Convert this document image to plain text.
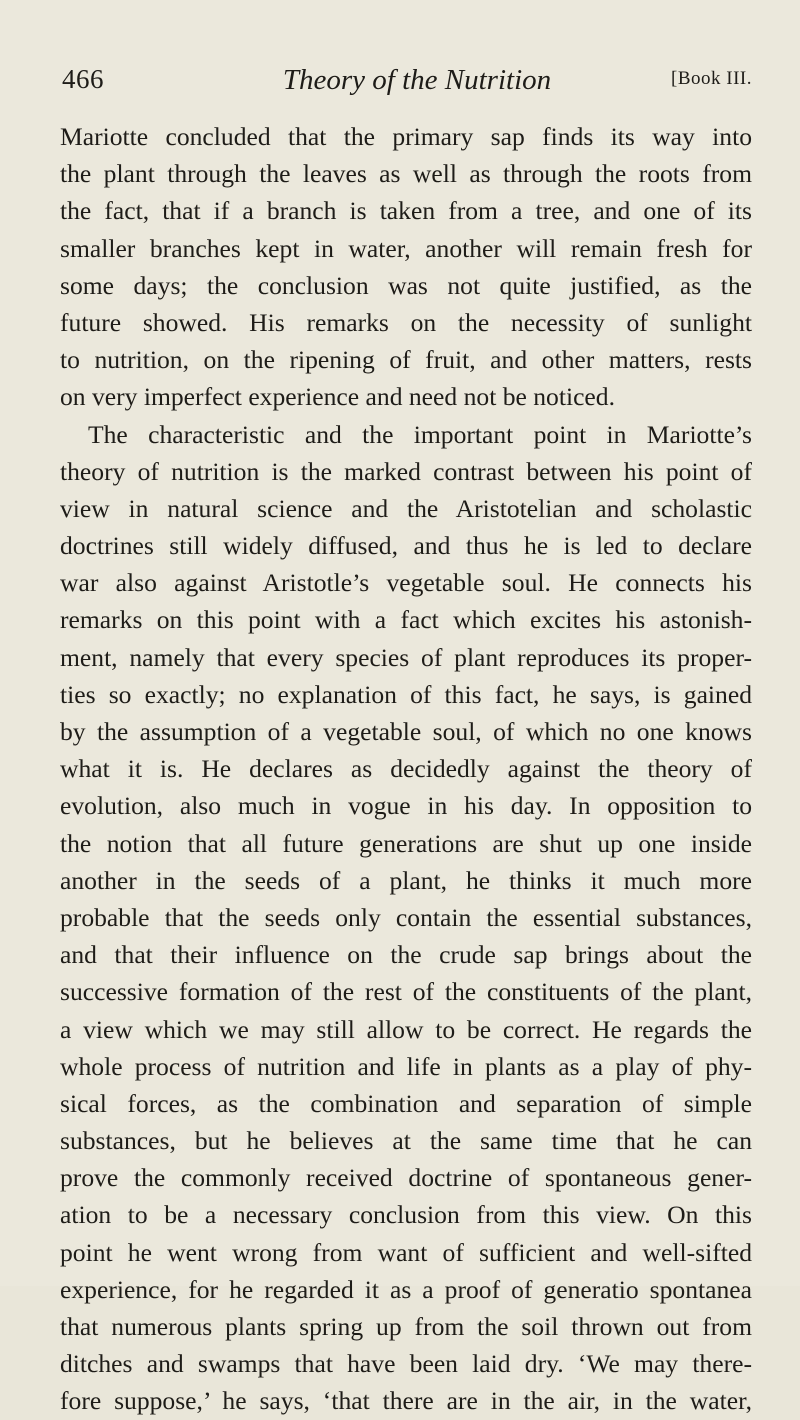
466	Theory of the Nutrition	[Book III.
Mariotte concluded that the primary sap finds its way into
the plant through the leaves as well as through the roots from
the fact, that if a branch is taken from a tree, and one of its
smaller branches kept in water, another will remain fresh for
some days; the conclusion was not quite justified, as the
future showed. His remarks on the necessity of sunlight
to nutrition, on the ripening of fruit, and other matters, rests
on very imperfect experience and need not be noticed.
The characteristic and the important point in Mariotte’s
theory of nutrition is the marked contrast between his point of
view in natural science and the Aristotelian and scholastic
doctrines still widely diffused, and thus he is led to declare
war also against Aristotle’s vegetable soul. He connects his
remarks on this point with a fact which excites his astonish-
ment, namely that every species of plant reproduces its proper-
ties so exactly; no explanation of this fact, he says, is gained
by the assumption of a vegetable soul, of which no one knows
what it is. He declares as decidedly against the theory of
evolution, also much in vogue in his day. In opposition to
the notion that all future generations are shut up one inside
another in the seeds of a plant, he thinks it much more
probable that the seeds only contain the essential substances,
and that their influence on the crude sap brings about the
successive formation of the rest of the constituents of the plant,
a view which we may still allow to be correct. He regards the
whole process of nutrition and life in plants as a play of phy-
sical forces, as the combination and separation of simple
substances, but he believes at the same time that he can
prove the commonly received doctrine of spontaneous gener-
ation to be a necessary conclusion from this view. On this
point he went wrong from want of sufficient and well-sifted
experience, for he regarded it as a proof of generatio spontanea
that numerous plants spring up from the soil thrown out from
ditches and swamps that have been laid dry. ‘We may there-
fore suppose,’ he says, ‘that there are in the air, in the water,
